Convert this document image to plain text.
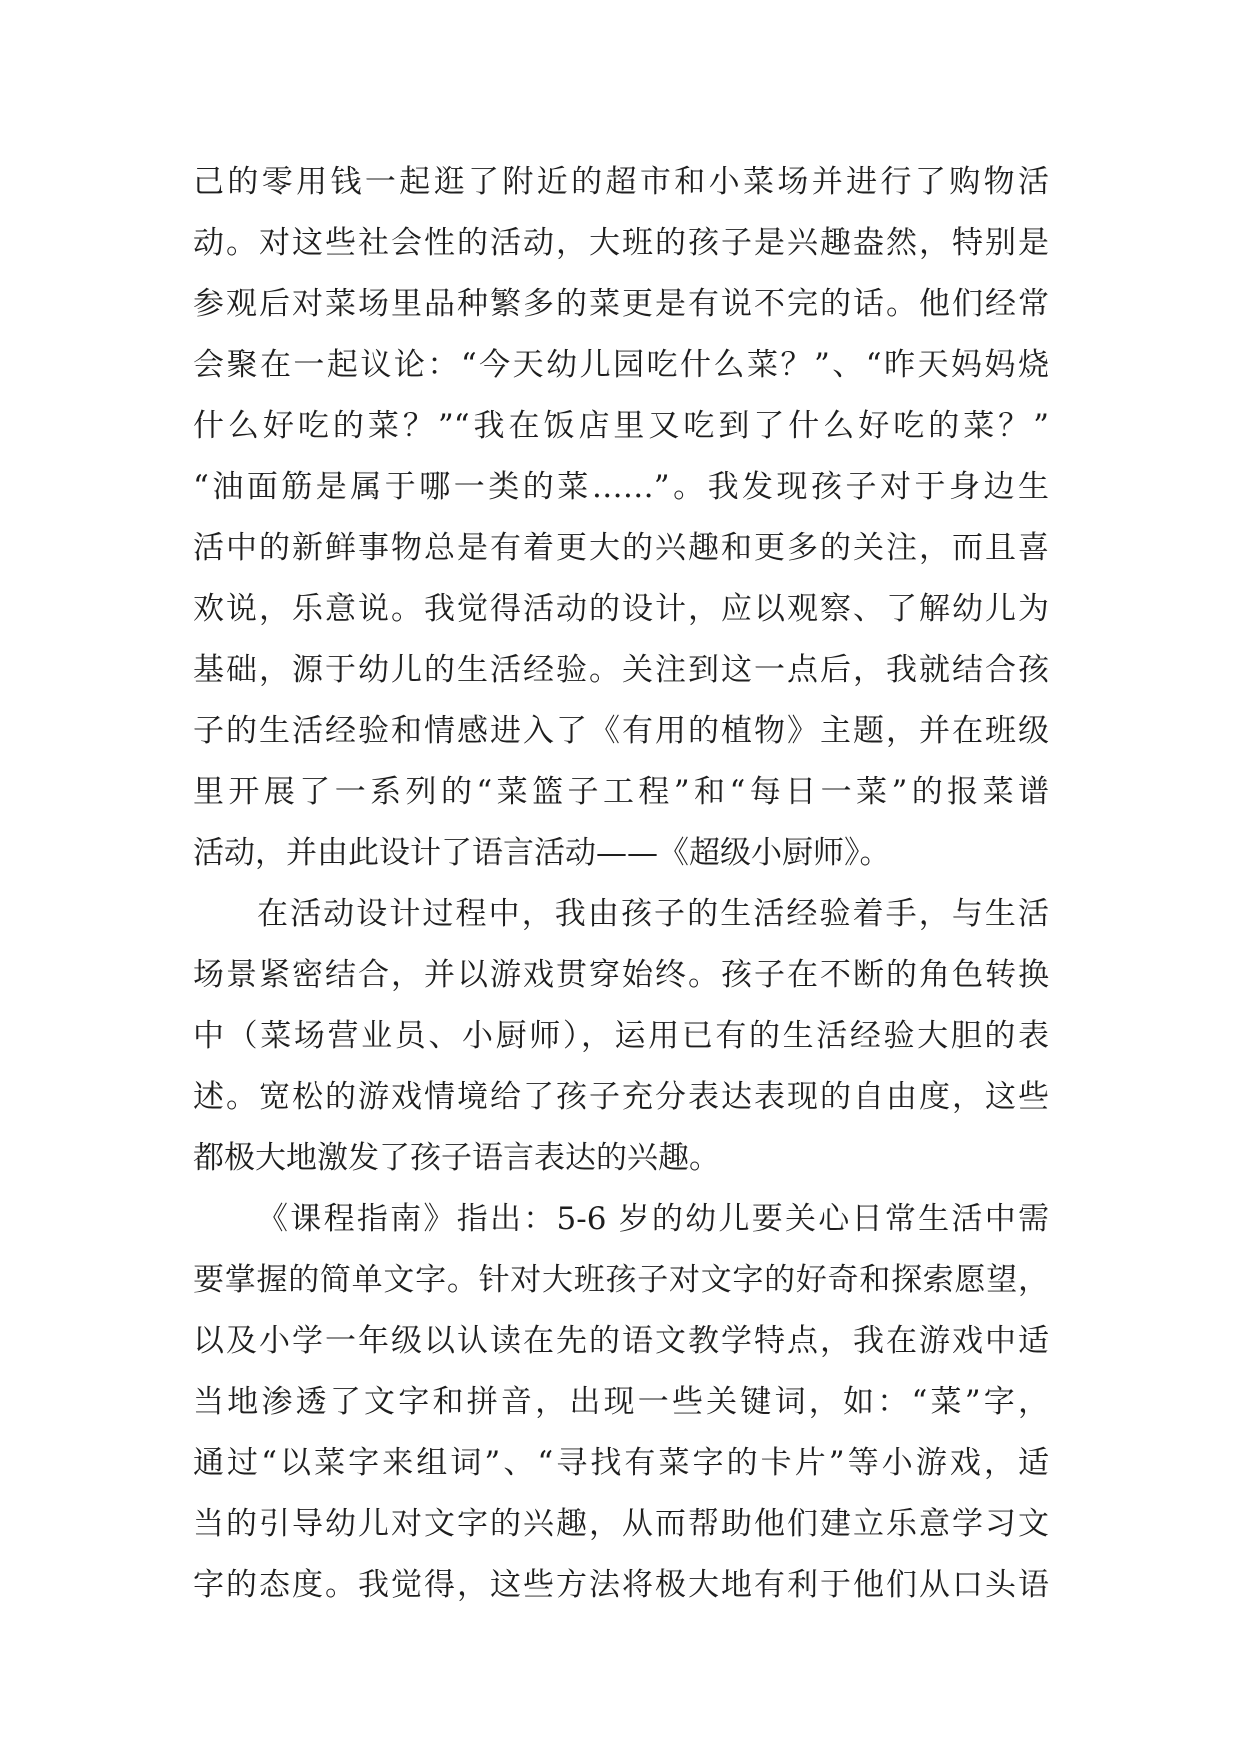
己的零用钱一起逛了附近的超市和小菜场并进行了购物活
动。对这些社会性的活动，大班的孩子是兴趣盎然，特别是
参观后对菜场里品种繁多的菜更是有说不完的话。他们经常
会聚在一起议论：“今天幼儿园吃什么菜？”、“昨天妈妈烧
什么好吃的菜？”“我在饭店里又吃到了什么好吃的菜？”
“油面筋是属于哪一类的菜……”。我发现孩子对于身边生
活中的新鲜事物总是有着更大的兴趣和更多的关注，而且喜
欢说，乐意说。我觉得活动的设计，应以观察、了解幼儿为
基础，源于幼儿的生活经验。关注到这一点后，我就结合孩
子的生活经验和情感进入了《有用的植物》主题，并在班级
里开展了一系列的“菜篮子工程”和“每日一菜”的报菜谱
活动，并由此设计了语言活动——《超级小厨师》。
在活动设计过程中，我由孩子的生活经验着手，与生活
场景紧密结合，并以游戏贯穿始终。孩子在不断的角色转换
中（菜场营业员、小厨师），运用已有的生活经验大胆的表
述。宽松的游戏情境给了孩子充分表达表现的自由度，这些
都极大地激发了孩子语言表达的兴趣。
《课程指南》指出：5-6 岁的幼儿要关心日常生活中需
要掌握的简单文字。针对大班孩子对文字的好奇和探索愿望，
以及小学一年级以认读在先的语文教学特点，我在游戏中适
当地渗透了文字和拼音，出现一些关键词，如：“菜”字，
通过“以菜字来组词”、“寻找有菜字的卡片”等小游戏，适
当的引导幼儿对文字的兴趣，从而帮助他们建立乐意学习文
字的态度。我觉得，这些方法将极大地有利于他们从口头语
